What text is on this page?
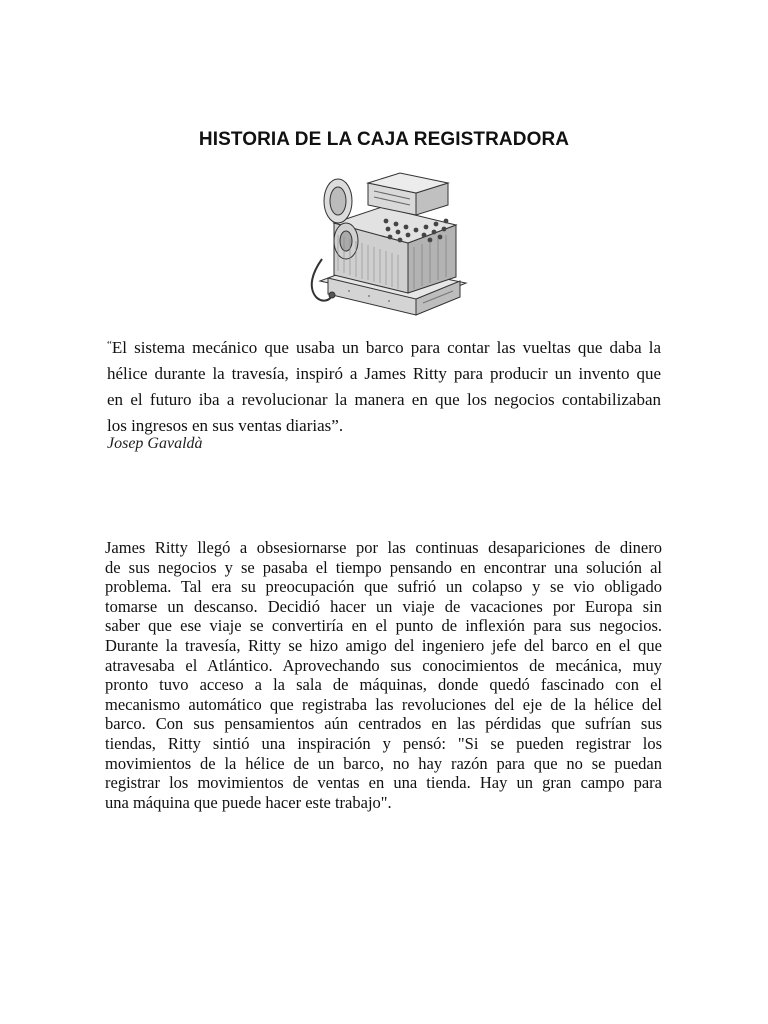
HISTORIA DE LA CAJA REGISTRADORA
“El sistema mecánico que usaba un barco para contar las vueltas que daba la
hélice durante la travesía, inspiró a James Ritty para producir un invento que
en el futuro iba a revolucionar la manera en que los negocios contabilizaban
los ingresos en sus ventas diarias”.

Josep Gavaldà

James Ritty llegó a obsesiornarse por las continuas desapariciones de dinero
de sus negocios y se pasaba el tiempo pensando en encontrar una solución al
problema. Tal era su preocupación que sufrió un colapso y se vio obligado
tomarse un descanso. Decidió hacer un viaje de vacaciones por Europa sin
saber que ese viaje se convertiría en el punto de inflexión para sus negocios.
Durante la travesía, Ritty se hizo amigo del ingeniero jefe del barco en el que
atravesaba el Atlántico. Aprovechando sus conocimientos de mecánica, muy
pronto tuvo acceso a la sala de máquinas, donde quedó fascinado con el
mecanismo automático que registraba las revoluciones del eje de la hélice del
barco. Con sus pensamientos aún centrados en las pérdidas que sufrían sus
tiendas, Ritty sintió una inspiración y pensó: "Si se pueden registrar los
movimientos de la hélice de un barco, no hay razón para que no se puedan
registrar los movimientos de ventas en una tienda. Hay un gran campo para
una máquina que puede hacer este trabajo".
